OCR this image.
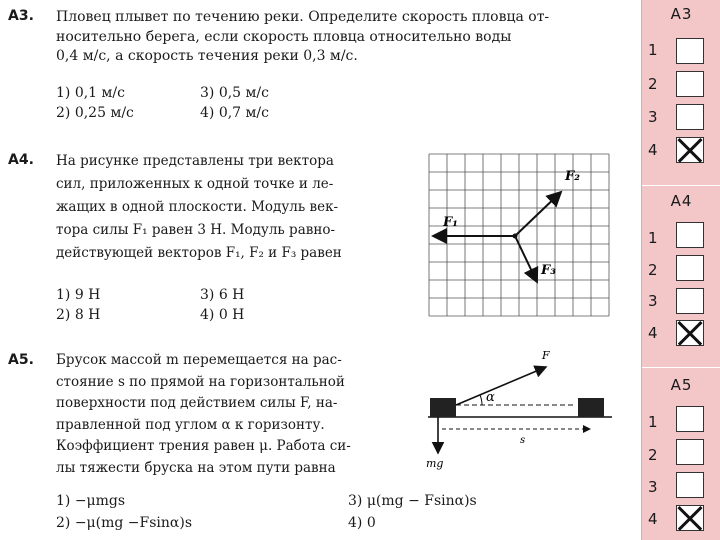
A3. Пловец плывет по течению реки. Определите скорость пловца от-
носительно берега, если скорость пловца относительно воды
0,4 м/с, а скорость течения реки 0,3 м/с.
1) 0,1 м/с
2) 0,25 м/с
3) 0,5 м/с
4) 0,7 м/с
A4. На рисунке представлены три вектора
сил, приложенных к одной точке и ле-
жащих в одной плоскости. Модуль век-
тора силы F₁ равен 3 Н. Модуль равно-
действующей векторов F₁, F₂ и F₃ равен
1) 9 Н
2) 8 Н
3) 6 Н
4) 0 Н
F₂
F₁
F₃
A5. Брусок массой m перемещается на рас-
стояние s по прямой на горизонтальной
поверхности под действием силы F, на-
правленной под углом α к горизонту.
Коэффициент трения равен μ. Работа си-
лы тяжести бруска на этом пути равна
1) −μmgs
2) −μ(mg −Fsinα)s
3) μ(mg − Fsinα)s
4) 0
F
α
s
mg
А3
1
2
3
4
А4
1
2
3
4
А5
1
2
3
4
